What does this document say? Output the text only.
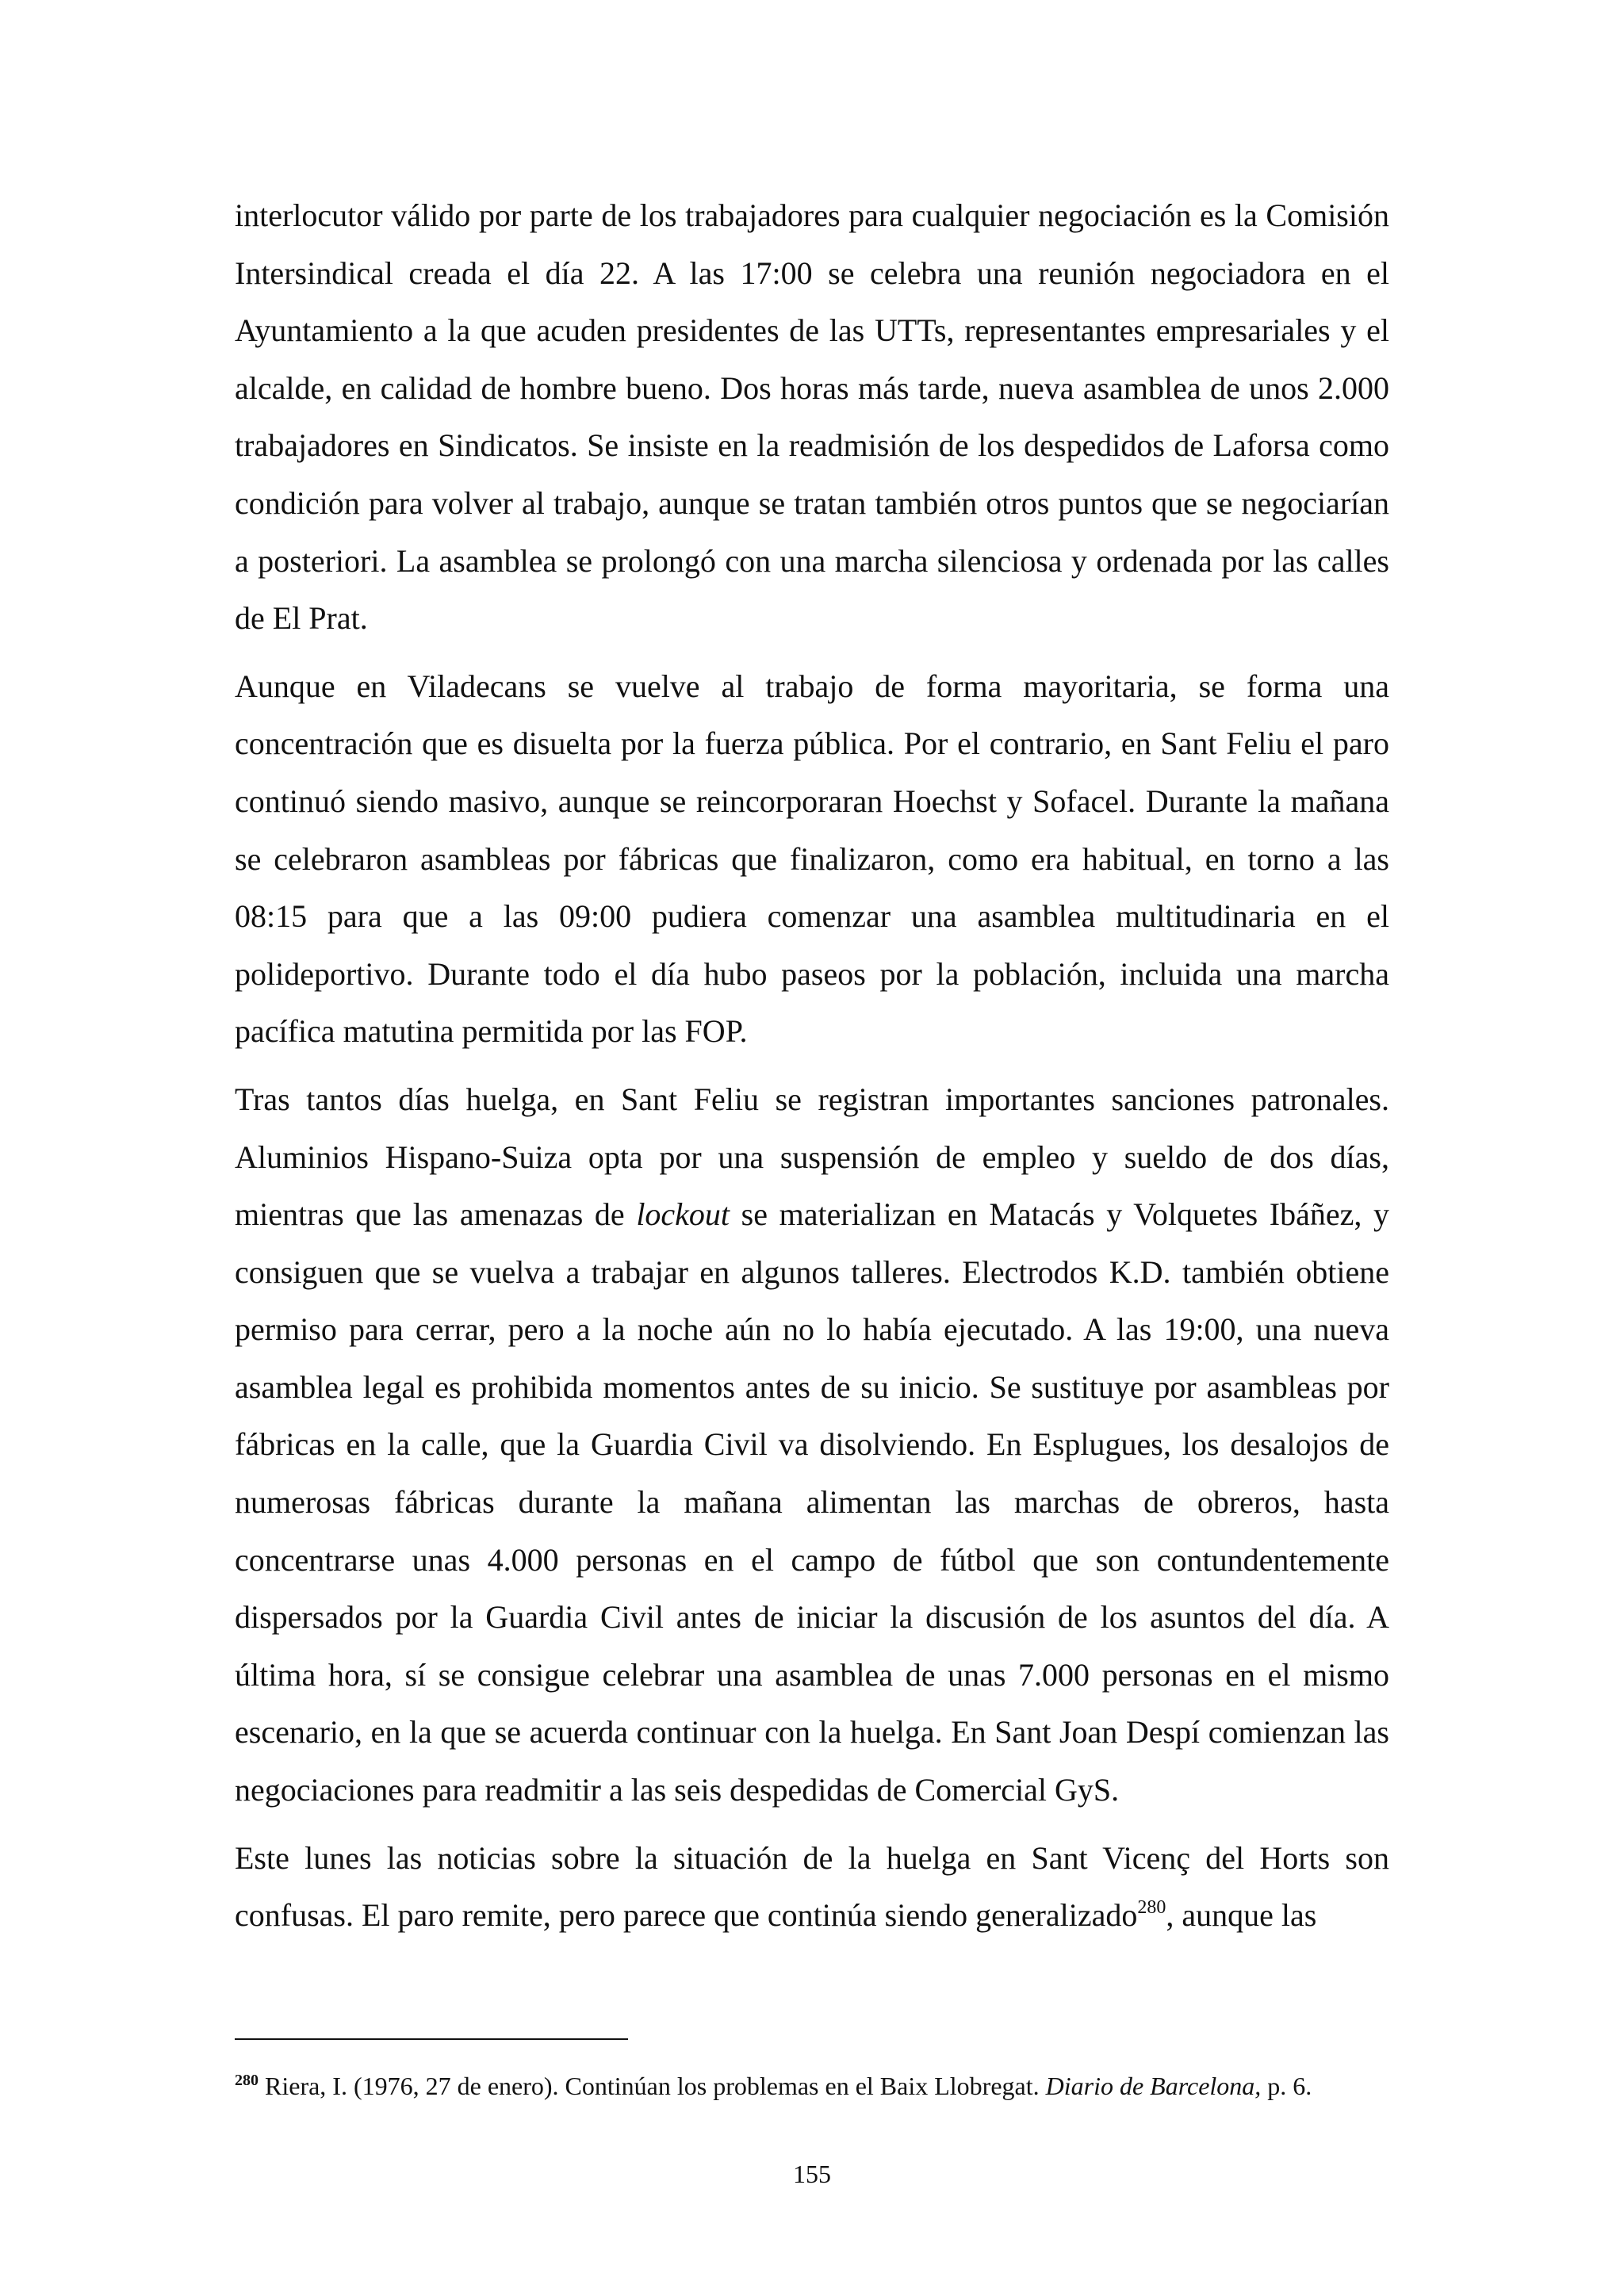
interlocutor válido por parte de los trabajadores para cualquier negociación es la Comisión Intersindical creada el día 22. A las 17:00 se celebra una reunión negociadora en el Ayuntamiento a la que acuden presidentes de las UTTs, representantes empresariales y el alcalde, en calidad de hombre bueno. Dos horas más tarde, nueva asamblea de unos 2.000 trabajadores en Sindicatos. Se insiste en la readmisión de los despedidos de Laforsa como condición para volver al trabajo, aunque se tratan también otros puntos que se negociarían a posteriori. La asamblea se prolongó con una marcha silenciosa y ordenada por las calles de El Prat.

Aunque en Viladecans se vuelve al trabajo de forma mayoritaria, se forma una concentración que es disuelta por la fuerza pública. Por el contrario, en Sant Feliu el paro continuó siendo masivo, aunque se reincorporaran Hoechst y Sofacel. Durante la mañana se celebraron asambleas por fábricas que finalizaron, como era habitual, en torno a las 08:15 para que a las 09:00 pudiera comenzar una asamblea multitudinaria en el polideportivo. Durante todo el día hubo paseos por la población, incluida una marcha pacífica matutina permitida por las FOP.

Tras tantos días huelga, en Sant Feliu se registran importantes sanciones patronales. Aluminios Hispano-Suiza opta por una suspensión de empleo y sueldo de dos días, mientras que las amenazas de lockout se materializan en Matacás y Volquetes Ibáñez, y consiguen que se vuelva a trabajar en algunos talleres. Electrodos K.D. también obtiene permiso para cerrar, pero a la noche aún no lo había ejecutado. A las 19:00, una nueva asamblea legal es prohibida momentos antes de su inicio. Se sustituye por asambleas por fábricas en la calle, que la Guardia Civil va disolviendo. En Esplugues, los desalojos de numerosas fábricas durante la mañana alimentan las marchas de obreros, hasta concentrarse unas 4.000 personas en el campo de fútbol que son contundentemente dispersados por la Guardia Civil antes de iniciar la discusión de los asuntos del día. A última hora, sí se consigue celebrar una asamblea de unas 7.000 personas en el mismo escenario, en la que se acuerda continuar con la huelga. En Sant Joan Despí comienzan las negociaciones para readmitir a las seis despedidas de Comercial GyS.

Este lunes las noticias sobre la situación de la huelga en Sant Vicenç del Horts son confusas. El paro remite, pero parece que continúa siendo generalizado$^{280}$, aunque las

$^{280}$ Riera, I. (1976, 27 de enero). Continúan los problemas en el Baix Llobregat. Diario de Barcelona, p. 6.
155
